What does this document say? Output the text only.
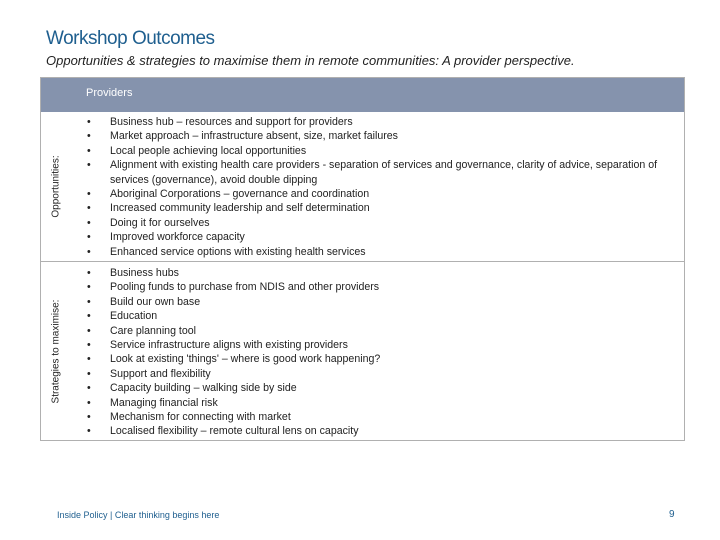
Workshop Outcomes

Opportunities & strategies to maximise them in remote communities: A provider perspective.

Providers
Opportunities:
• Business hub – resources and support for providers
• Market approach – infrastructure absent, size, market failures
• Local people achieving local opportunities
• Alignment with existing health care providers - separation of services and governance, clarity of advice, separation of services (governance), avoid double dipping
• Aboriginal Corporations – governance and coordination
• Increased community leadership and self determination
• Doing it for ourselves
• Improved workforce capacity
• Enhanced service options with existing health services
Strategies to maximise:
• Business hubs
• Pooling funds to purchase from NDIS and other providers
• Build our own base
• Education
• Care planning tool
• Service infrastructure aligns with existing providers
• Look at existing 'things' – where is good work happening?
• Support and flexibility
• Capacity building – walking side by side
• Managing financial risk
• Mechanism for connecting with market
• Localised flexibility – remote cultural lens on capacity
Inside Policy | Clear thinking begins here	9
